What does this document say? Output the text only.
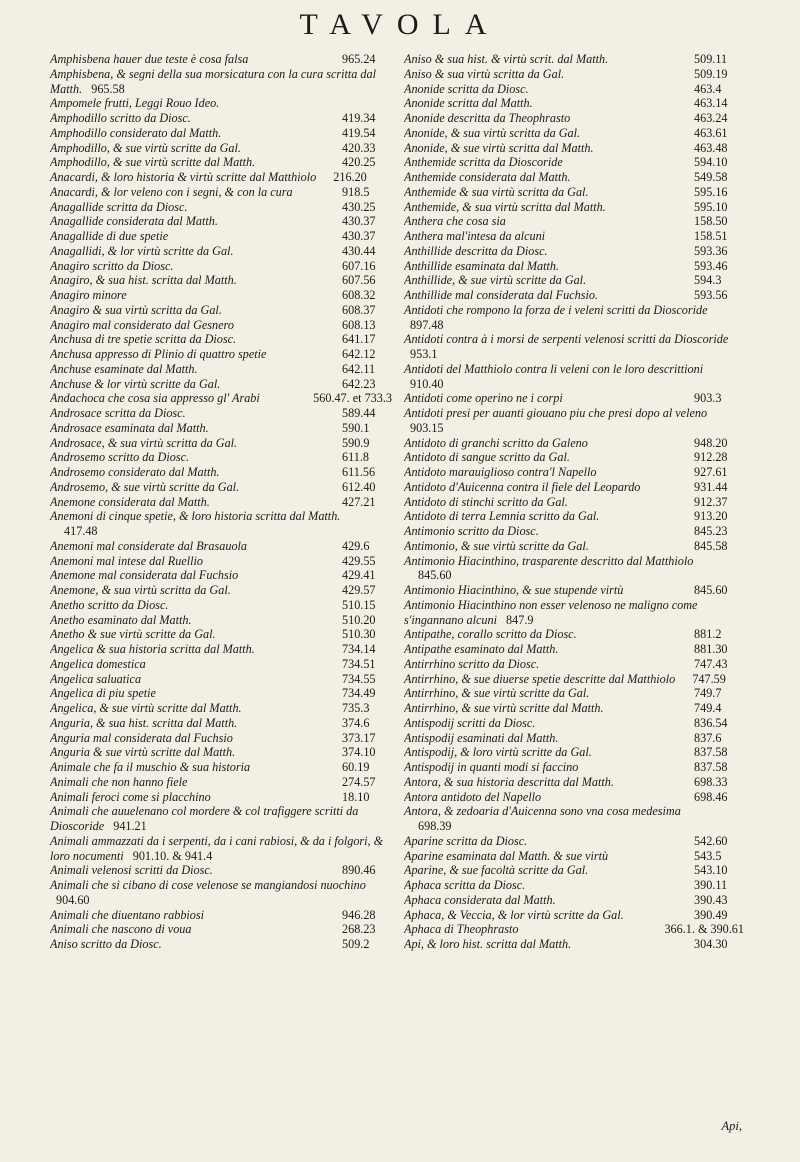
TAVOLA
Amphisbena hauer due teste è cosa falsa	965.24
Amphisbena, & segni della sua morsicatura con la cura scritta dal Matth. 965.58
Ampomele frutti, Leggi Rouo Ideo.
Amphodillo scritto da Diosc.	419.34
Amphodillo considerato dal Matth.	419.54
Amphodillo, & sue virtù scritte da Gal.	420.33
Amphodillo, & sue virtù scritte dal Matth.	420.25
Anacardi, & loro historia & virtù scritte dal Matthiolo 216.20
Anacardi, & lor veleno con i segni, & con la cura	918.5
Anagallide scritta da Diosc.	430.25
Anagallide considerata dal Matth.	430.37
Anagallide di due spetie	430.37
Anagallidi, & lor virtù scritte da Gal.	430.44
Anagiro scritto da Diosc.	607.16
Anagiro, & sua hist. scritta dal Matth.	607.56
Anagiro minore	608.32
Anagiro & sua virtù scritta da Gal.	608.37
Anagiro mal considerato dal Gesnero	608.13
Anchusa di tre spetie scritta da Diosc.	641.17
Anchusa appresso di Plinio di quattro spetie	642.12
Anchuse esaminate dal Matth.	642.11
Anchuse & lor virtù scritte da Gal.	642.23
Andachoca che cosa sia appresso gl' Arabi	560.47. et 733.3
Androsace scritta da Diosc.	589.44
Androsace esaminata dal Matth.	590.1
Androsace, & sua virtù scritta da Gal.	590.9
Androsemo scritto da Diosc.	611.8
Androsemo considerato dal Matth.	611.56
Androsemo, & sue virtù scritte da Gal.	612.40
Anemone considerata dal Matth.	427.21
Anemoni di cinque spetie, & loro historia scritta dal Matth. 417.48
Anemoni mal considerate dal Brasauola	429.6
Anemoni mal intese dal Ruellio	429.55
Anemone mal considerata dal Fuchsio	429.41
Anemone, & sua virtù scritta da Gal.	429.57
Anetho scritto da Diosc.	510.15
Anetho esaminato dal Matth.	510.20
Anetho & sue virtù scritte da Gal.	510.30
Angelica & sua historia scritta dal Matth.	734.14
Angelica domestica	734.51
Angelica saluatica	734.55
Angelica di piu spetie	734.49
Angelica, & sue virtù scritte dal Matth.	735.3
Anguria, & sua hist. scritta dal Matth.	374.6
Anguria mal considerata dal Fuchsio	373.17
Anguria & sue virtù scritte dal Matth.	374.10
Animale che fa il muschio & sua historia	60.19
Animali che non hanno fiele	274.57
Animali feroci come si placchino	18.10
Animali che auuelenano col mordere & col trafiggere scritti da Dioscoride 941.21
Animali ammazzati da i serpenti, da i cani rabiosi, & da i folgori, & loro nocumenti 901.10. & 941.4
Animali velenosi scritti da Diosc.	890.46
Animali che si cibano di cose velenose se mangiandosi nuochino 904.60
Animali che diuentano rabbiosi	946.28
Animali che nascono di voua	268.23
Aniso scritto da Diosc.	509.2
Aniso & sua hist. & virtù scrit. dal Matth.	509.11
Aniso & sua virtù scritta da Gal.	509.19
Anonide scritta da Diosc.	463.4
Anonide scritta dal Matth.	463.14
Anonide descritta da Theophrasto	463.24
Anonide, & sua virtù scritta da Gal.	463.61
Anonide, & sue virtù scritta dal Matth.	463.48
Anthemide scritta da Dioscoride	594.10
Anthemide considerata dal Matth.	549.58
Anthemide & sua virtù scritta da Gal.	595.16
Anthemide, & sua virtù scritta dal Matth.	595.10
Anthera che cosa sia	158.50
Anthera mal'intesa da alcuni	158.51
Anthillide descritta da Diosc.	593.36
Anthillide esaminata dal Matth.	593.46
Anthillide, & sue virtù scritte da Gal.	594.3
Anthillide mal considerata dal Fuchsio.	593.56
Antidoti che rompono la forza de i veleni scritti da Dioscoride 897.48
Antidoti contra à i morsi de serpenti velenosi scritti da Dioscoride 953.1
Antidoti del Matthiolo contra li veleni con le loro descrittioni 910.40
Antidoti come operino ne i corpi	903.3
Antidoti presi per auanti giouano piu che presi dopo al veleno 903.15
Antidoto di granchi scritto da Galeno	948.20
Antidoto di sangue scritto da Gal.	912.28
Antidoto marauiglioso contra'l Napello	927.61
Antidoto d'Auicenna contra il fiele del Leopardo	931.44
Antidoto di stinchi scritto da Gal.	912.37
Antidoto di terra Lemnia scritto da Gal.	913.20
Antimonio scritto da Diosc.	845.23
Antimonio, & sue virtù scritte da Gal.	845.58
Antimonio Hiacinthino, trasparente descritto dal Matthiolo 845.60
Antimonio Hiacinthino, & sue stupende virtù	845.60
Antimonio Hiacinthino non esser velenoso ne maligno come s'ingannano alcuni 847.9
Antipathe, corallo scritto da Diosc.	881.2
Antipathe esaminato dal Matth.	881.30
Antirrhino scritto da Diosc.	747.43
Antirrhino, & sue diuerse spetie descritte dal Matthiolo 747.59
Antirrhino, & sue virtù scritte da Gal.	749.7
Antirrhino, & sue virtù scritte dal Matth.	749.4
Antispodij scritti da Diosc.	836.54
Antispodij esaminati dal Matth.	837.6
Antispodij, & loro virtù scritte da Gal.	837.58
Antispodij in quanti modi si faccino	837.58
Antora, & sua historia descritta dal Matth.	698.33
Antora antidoto del Napello	698.46
Antora, & zedoaria d'Auicenna sono vna cosa medesima 698.39
Aparine scritta da Diosc.	542.60
Aparine esaminata dal Matth. & sue virtù	543.5
Aparine, & sue facoltà scritte da Gal.	543.10
Aphaca scritta da Diosc.	390.11
Aphaca considerata dal Matth.	390.43
Aphaca, & Veccia, & lor virtù scritte da Gal.	390.49
Aphaca di Theophrasto	366.1. & 390.61
Api, & loro hist. scritta dal Matth.	304.30
Api,
